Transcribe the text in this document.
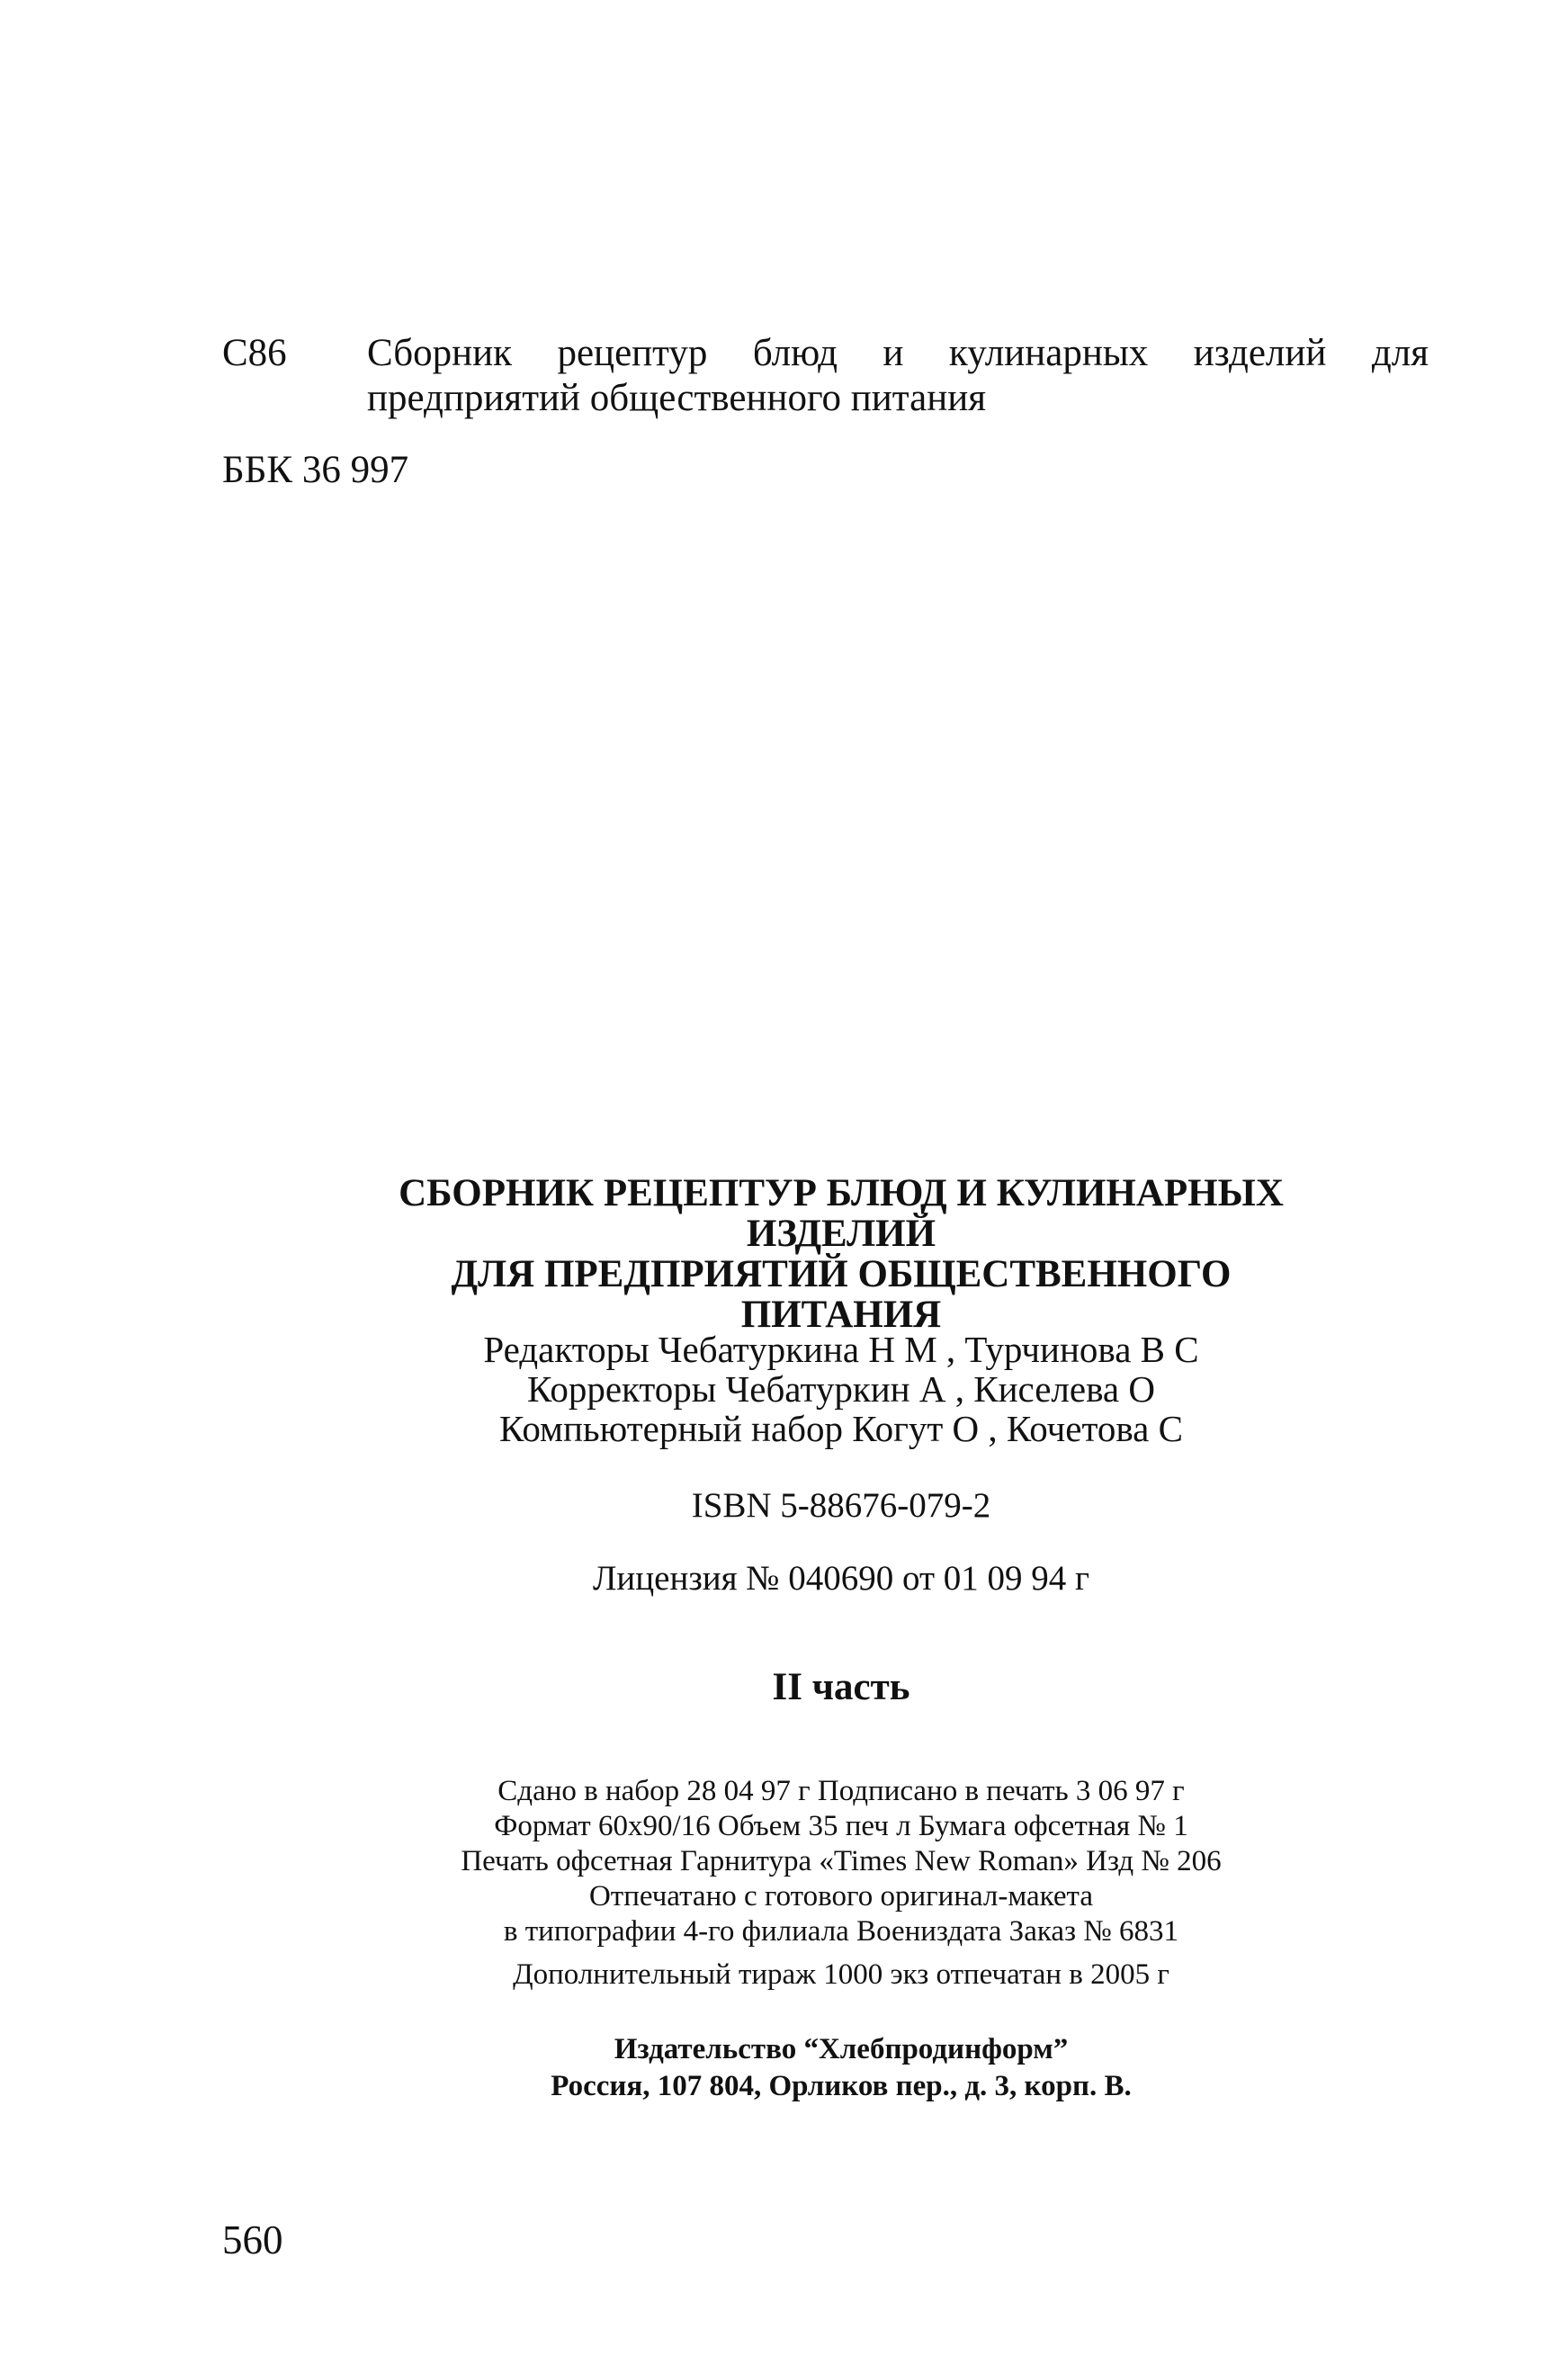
С86 Сборник рецептур блюд и кулинарных изделий для предприятий общественного питания
ББК 36 997
СБОРНИК РЕЦЕПТУР БЛЮД И КУЛИНАРНЫХ ИЗДЕЛИЙ
ДЛЯ ПРЕДПРИЯТИЙ ОБЩЕСТВЕННОГО
ПИТАНИЯ
Редакторы Чебатуркина Н М , Турчинова В С
Корректоры Чебатуркин А , Киселева О
Компьютерный набор Когут О , Кочетова С
ISBN 5-88676-079-2
Лицензия № 040690 от 01 09 94 г
II часть
Сдано в набор 28 04 97 г Подписано в печать 3 06 97 г
Формат 60x90/16 Объем 35 печ л Бумага офсетная № 1
Печать офсетная Гарнитура «Times New Roman» Изд № 206
Отпечатано с готового оригинал-макета
в типографии 4-го филиала Воениздата Заказ № 6831
Дополнительный тираж 1000 экз отпечатан в 2005 г
Издательство “Хлебпродинформ”
Россия, 107 804, Орликов пер., д. 3, корп. В.
560
